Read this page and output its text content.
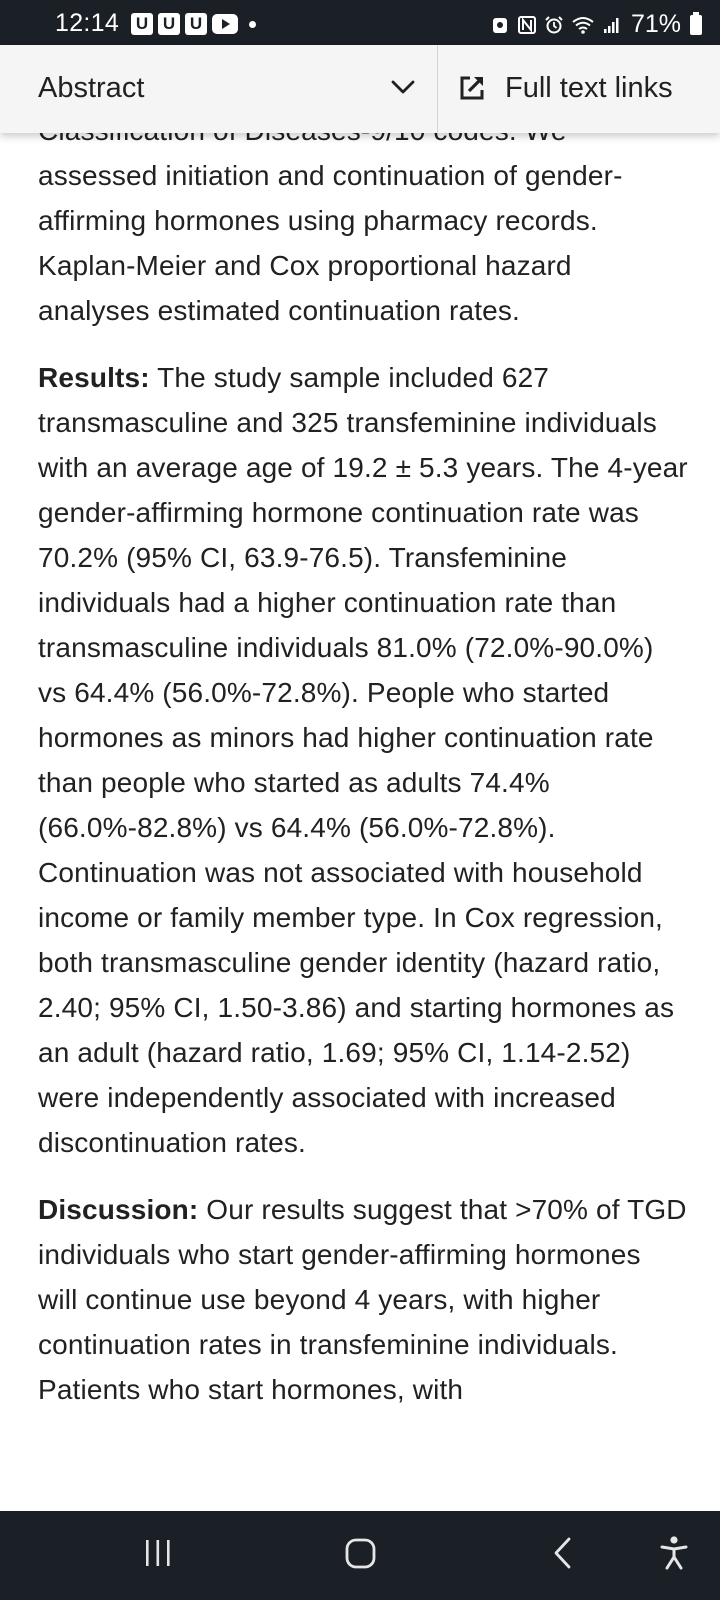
12:14 U U U	71%

assessed initiation and continuation of gender-affirming hormones using pharmacy records. Kaplan-Meier and Cox proportional hazard analyses estimated continuation rates.

Results: The study sample included 627 transmasculine and 325 transfeminine individuals with an average age of 19.2 ± 5.3 years. The 4-year gender-affirming hormone continuation rate was 70.2% (95% CI, 63.9-76.5). Transfeminine individuals had a higher continuation rate than transmasculine individuals 81.0% (72.0%-90.0%) vs 64.4% (56.0%-72.8%). People who started hormones as minors had higher continuation rate than people who started as adults 74.4% (66.0%-82.8%) vs 64.4% (56.0%-72.8%). Continuation was not associated with household income or family member type. In Cox regression, both transmasculine gender identity (hazard ratio, 2.40; 95% CI, 1.50-3.86) and starting hormones as an adult (hazard ratio, 1.69; 95% CI, 1.14-2.52) were independently associated with increased discontinuation rates.

Discussion: Our results suggest that >70% of TGD individuals who start gender-affirming hormones will continue use beyond 4 years, with higher continuation rates in transfeminine individuals. Patients who start hormones, with

Abstract	Full text links
